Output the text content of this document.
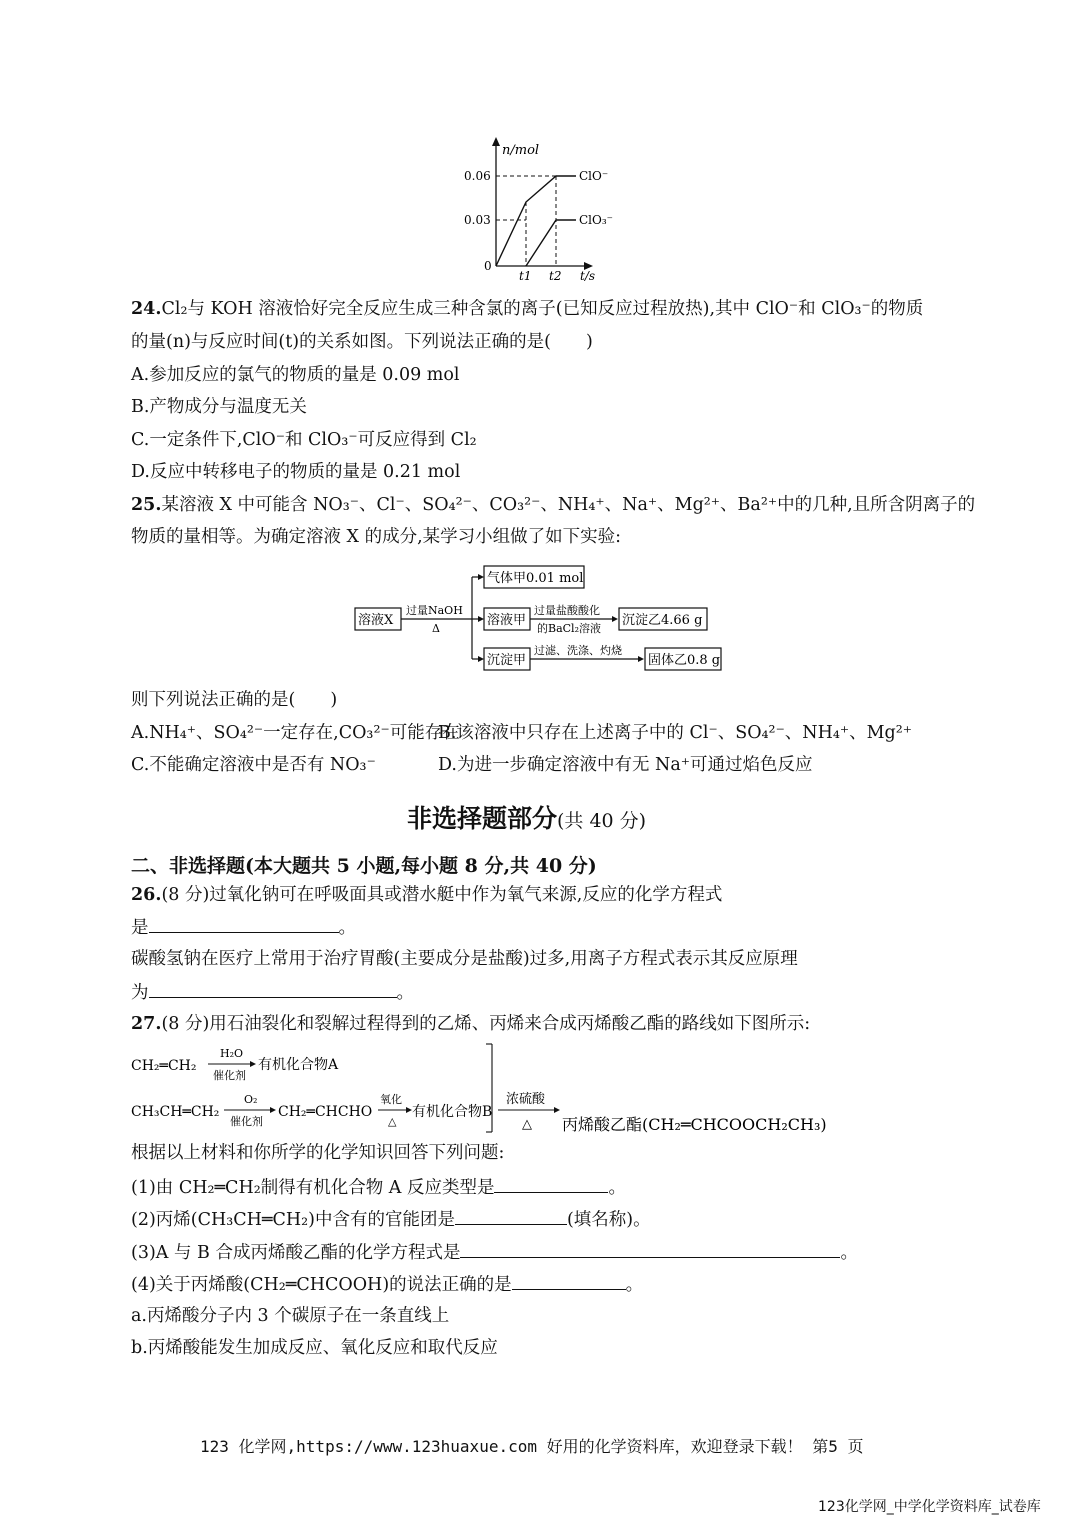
n/mol
0.06
0.03
0
t1 t2 t/s
ClO⁻
ClO₃⁻
24.Cl₂与 KOH 溶液恰好完全反应生成三种含氯的离子(已知反应过程放热),其中 ClO⁻和 ClO₃⁻的物质
的量(n)与反应时间(t)的关系如图。下列说法正确的是(　　)
A.参加反应的氯气的物质的量是 0.09 mol
B.产物成分与温度无关
C.一定条件下,ClO⁻和 ClO₃⁻可反应得到 Cl₂
D.反应中转移电子的物质的量是 0.21 mol
25.某溶液 X 中可能含 NO₃⁻、Cl⁻、SO₄²⁻、CO₃²⁻、NH₄⁺、Na⁺、Mg²⁺、Ba²⁺中的几种,且所含阴离子的
物质的量相等。为确定溶液 X 的成分,某学习小组做了如下实验:
溶液X
过量NaOH
Δ
气体甲0.01 mol
溶液甲
过量盐酸酸化
的BaCl₂溶液
沉淀乙4.66 g
沉淀甲
过滤、洗涤、灼烧
固体乙0.8 g
则下列说法正确的是(　　)
A.NH₄⁺、SO₄²⁻一定存在,CO₃²⁻可能存在
B.该溶液中只存在上述离子中的 Cl⁻、SO₄²⁻、NH₄⁺、Mg²⁺
C.不能确定溶液中是否有 NO₃⁻	D.为进一步确定溶液中有无 Na⁺可通过焰色反应
非选择题部分(共 40 分)
二、非选择题(本大题共 5 小题,每小题 8 分,共 40 分)
26.(8 分)过氧化钠可在呼吸面具或潜水艇中作为氧气来源,反应的化学方程式
是	。
碳酸氢钠在医疗上常用于治疗胃酸(主要成分是盐酸)过多,用离子方程式表示其反应原理
为	。
27.(8 分)用石油裂化和裂解过程得到的乙烯、丙烯来合成丙烯酸乙酯的路线如下图所示:
CH₂═CH₂
H₂O
催化剂
有机化合物A
CH₃CH═CH₂
O₂
催化剂
CH₂═CHCHO
氧化
△
有机化合物B
浓硫酸
△ 丙烯酸乙酯(CH₂═CHCOOCH₂CH₃)
根据以上材料和你所学的化学知识回答下列问题:
(1)由 CH₂═CH₂制得有机化合物 A 反应类型是	。
(2)丙烯(CH₃CH═CH₂)中含有的官能团是	(填名称)。
(3)A 与 B 合成丙烯酸乙酯的化学方程式是	。
(4)关于丙烯酸(CH₂═CHCOOH)的说法正确的是	。
a.丙烯酸分子内 3 个碳原子在一条直线上
b.丙烯酸能发生加成反应、氧化反应和取代反应
123 化学网,https://www.123huaxue.com 好用的化学资料库，欢迎登录下载！ 第5 页
123化学网_中学化学资料库_试卷库
